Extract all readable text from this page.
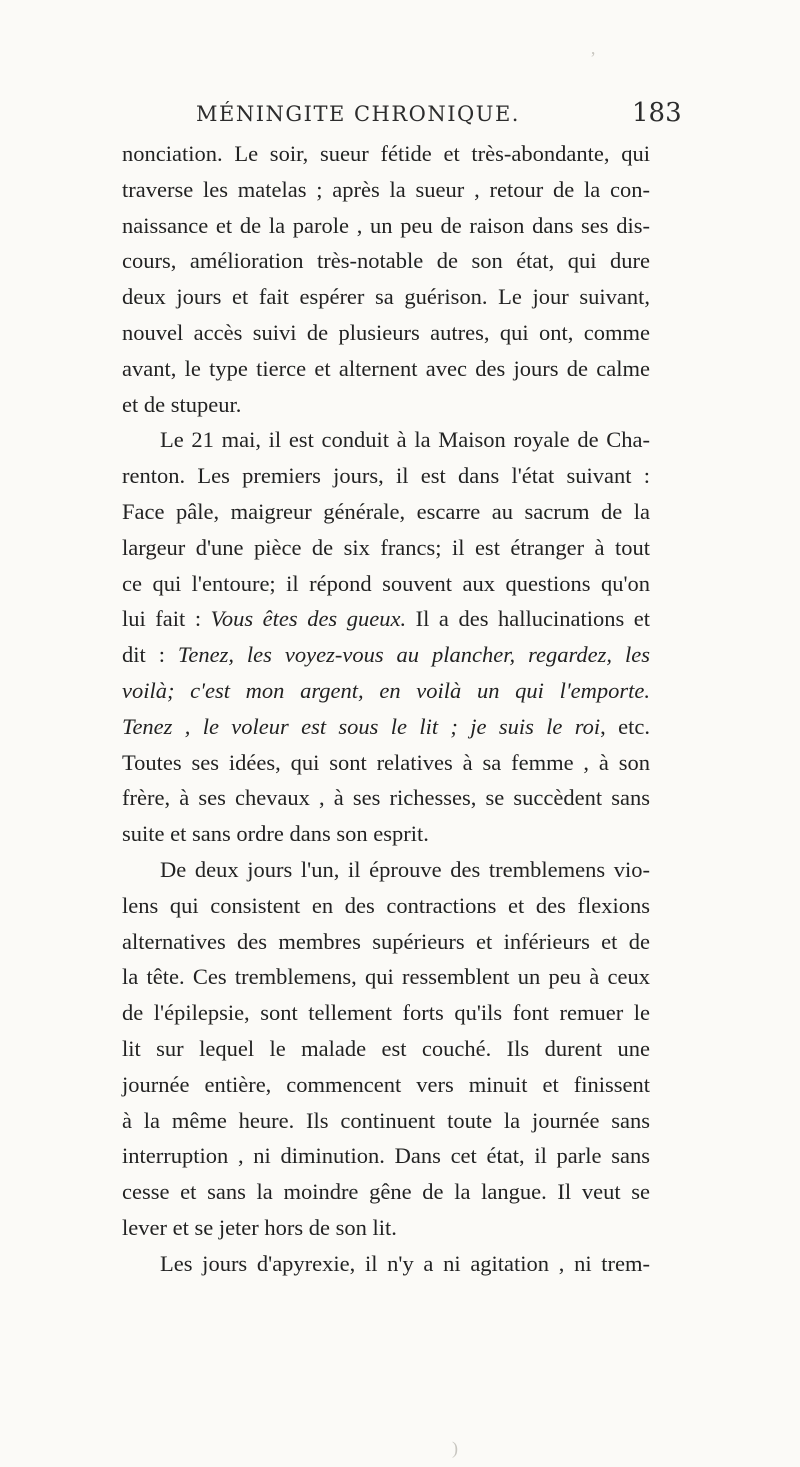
MÉNINGITE CHRONIQUE.	183
nonciation. Le soir, sueur fétide et très-abondante, qui
traverse les matelas ; après la sueur , retour de la con-
naissance et de la parole , un peu de raison dans ses dis-
cours, amélioration très-notable de son état, qui dure
deux jours et fait espérer sa guérison. Le jour suivant,
nouvel accès suivi de plusieurs autres, qui ont, comme
avant, le type tierce et alternent avec des jours de calme
et de stupeur.
Le 21 mai, il est conduit à la Maison royale de Cha-
renton. Les premiers jours, il est dans l'état suivant :
Face pâle, maigreur générale, escarre au sacrum de la
largeur d'une pièce de six francs; il est étranger à tout
ce qui l'entoure; il répond souvent aux questions qu'on
lui fait : Vous êtes des gueux. Il a des hallucinations et
dit : Tenez, les voyez-vous au plancher, regardez, les
voilà; c'est mon argent, en voilà un qui l'emporte.
Tenez , le voleur est sous le lit ; je suis le roi, etc.
Toutes ses idées, qui sont relatives à sa femme , à son
frère, à ses chevaux , à ses richesses, se succèdent sans
suite et sans ordre dans son esprit.
De deux jours l'un, il éprouve des tremblemens vio-
lens qui consistent en des contractions et des flexions
alternatives des membres supérieurs et inférieurs et de
la tête. Ces tremblemens, qui ressemblent un peu à ceux
de l'épilepsie, sont tellement forts qu'ils font remuer le
lit sur lequel le malade est couché. Ils durent une
journée entière, commencent vers minuit et finissent
à la même heure. Ils continuent toute la journée sans
interruption , ni diminution. Dans cet état, il parle sans
cesse et sans la moindre gêne de la langue. Il veut se
lever et se jeter hors de son lit.
Les jours d'apyrexie, il n'y a ni agitation , ni trem-
’
)
